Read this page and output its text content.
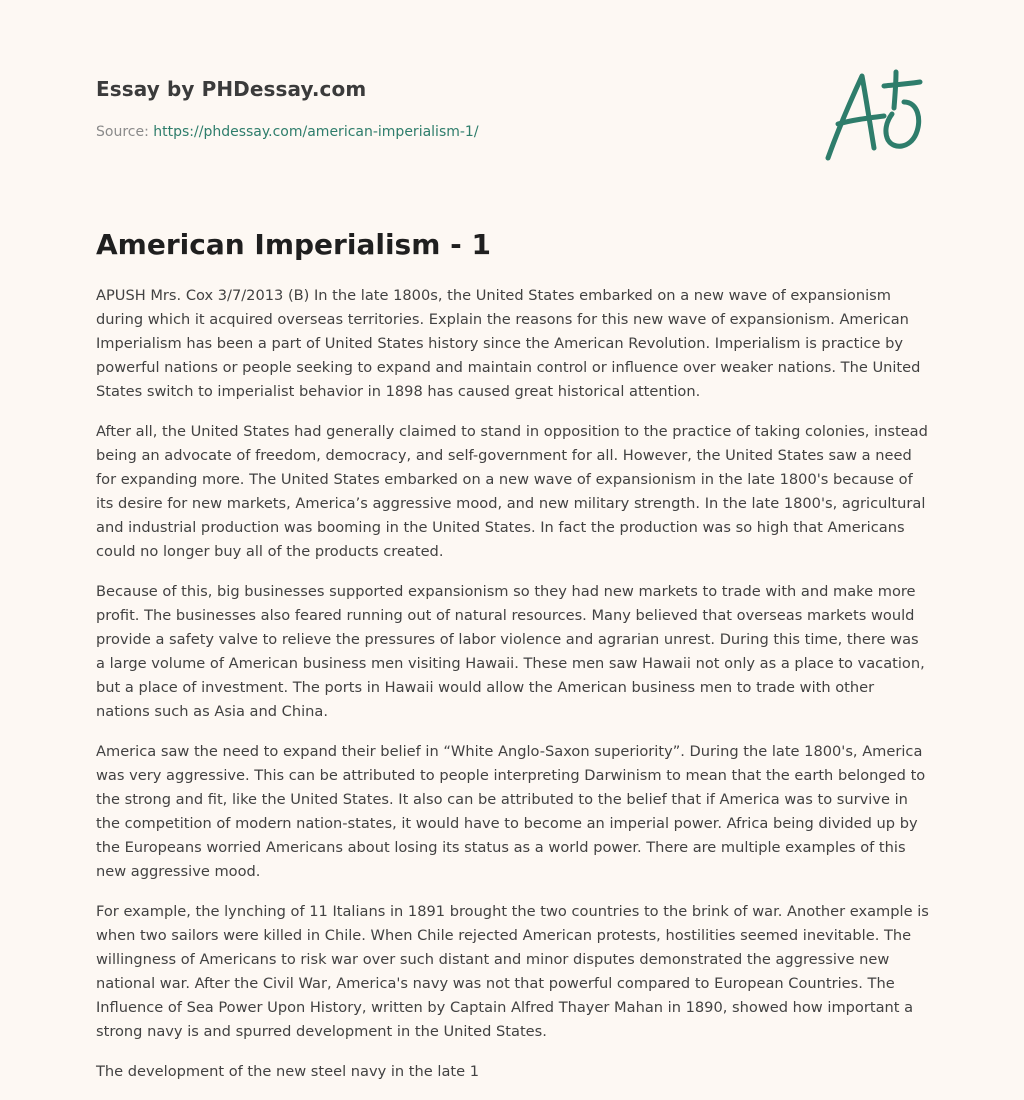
Essay by PHDessay.com
Source: https://phdessay.com/american-imperialism-1/
American Imperialism - 1

APUSH Mrs. Cox 3/7/2013 (B) In the late 1800s, the United States embarked on a new wave of expansionism during which it acquired overseas territories. Explain the reasons for this new wave of expansionism. American Imperialism has been a part of United States history since the American Revolution. Imperialism is practice by powerful nations or people seeking to expand and maintain control or influence over weaker nations. The United States switch to imperialist behavior in 1898 has caused great historical attention.

After all, the United States had generally claimed to stand in opposition to the practice of taking colonies, instead being an advocate of freedom, democracy, and self-government for all. However, the United States saw a need for expanding more. The United States embarked on a new wave of expansionism in the late 1800's because of its desire for new markets, America’s aggressive mood, and new military strength. In the late 1800's, agricultural and industrial production was booming in the United States. In fact the production was so high that Americans could no longer buy all of the products created.

Because of this, big businesses supported expansionism so they had new markets to trade with and make more profit. The businesses also feared running out of natural resources. Many believed that overseas markets would provide a safety valve to relieve the pressures of labor violence and agrarian unrest. During this time, there was a large volume of American business men visiting Hawaii. These men saw Hawaii not only as a place to vacation, but a place of investment. The ports in Hawaii would allow the American business men to trade with other nations such as Asia and China.

America saw the need to expand their belief in “White Anglo-Saxon superiority”. During the late 1800's, America was very aggressive. This can be attributed to people interpreting Darwinism to mean that the earth belonged to the strong and fit, like the United States. It also can be attributed to the belief that if America was to survive in the competition of modern nation-states, it would have to become an imperial power. Africa being divided up by the Europeans worried Americans about losing its status as a world power. There are multiple examples of this new aggressive mood.

For example, the lynching of 11 Italians in 1891 brought the two countries to the brink of war. Another example is when two sailors were killed in Chile. When Chile rejected American protests, hostilities seemed inevitable. The willingness of Americans to risk war over such distant and minor disputes demonstrated the aggressive new national war. After the Civil War, America's navy was not that powerful compared to European Countries. The Influence of Sea Power Upon History, written by Captain Alfred Thayer Mahan in 1890, showed how important a strong navy is and spurred development in the United States.

The development of the new steel navy in the late 1
